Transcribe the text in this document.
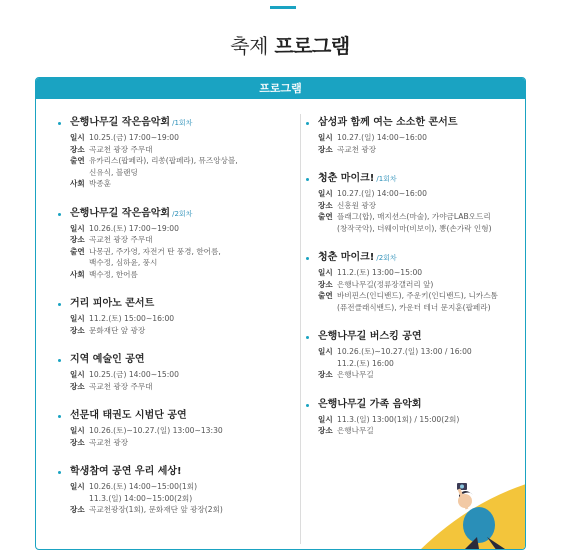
축제 프로그램
프로그램
은행나무길 작은음악회 /1회차
일시 10.25.(금) 17:00~19:00
장소 곡교천 광장 주무대
출연 유카리스(팝페라), 리쏭(팝페라), 뮤즈앙상블,
신유식, 블랜딩
사회 박종훈
은행나무길 작은음악회 /2회차
일시 10.26.(토) 17:00~19:00
장소 곡교천 광장 주무대
출연 나몽권, 주가영, 자전거 탄 풍경, 한어름,
백수정, 심하윤, 풍시
사회 백수정, 한어름
거리 피아노 콘서트
일시 11.2.(토) 15:00~16:00
장소 문화재단 앞 광장
지역 예술인 공연
일시 10.25.(금) 14:00~15:00
장소 곡교천 광장 주무대
선문대 태권도 시범단 공연
일시 10.26.(토)~10.27.(일) 13:00~13:30
장소 곡교천 광장
학생참여 공연 우리 세상!
일시 10.26.(토) 14:00~15:00(1회)
11.3.(일) 14:00~15:00(2회)
장소 곡교천광장(1회), 문화재단 앞 광장(2회)
삼성과 함께 여는 소소한 콘서트
일시 10.27.(일) 14:00~16:00
장소 곡교천 광장
청춘 마이크! /1회차
일시 10.27.(일) 14:00~16:00
장소 신흥원 광장
출연 플래그(합), 매지션스(마술), 가야금LAB오드리
(창작국악), 더웨이마(비보이), 뽕(손가락 인형)
청춘 마이크! /2회차
일시 11.2.(토) 13:00~15:00
장소 은행나무길(정류장갤러리 앞)
출연 바비핀스(인디밴드), 주운키(인디밴드), 니카스톰
(퓨전클래식밴드), 카운터 테너 문지훈(팝페라)
은행나무길 버스킹 공연
일시 10.26.(토)~10.27.(일) 13:00 / 16:00
11.2.(토) 16:00
장소 은행나무길
은행나무길 가족 음악회
일시 11.3.(일) 13:00(1회) / 15:00(2회)
장소 은행나무길
